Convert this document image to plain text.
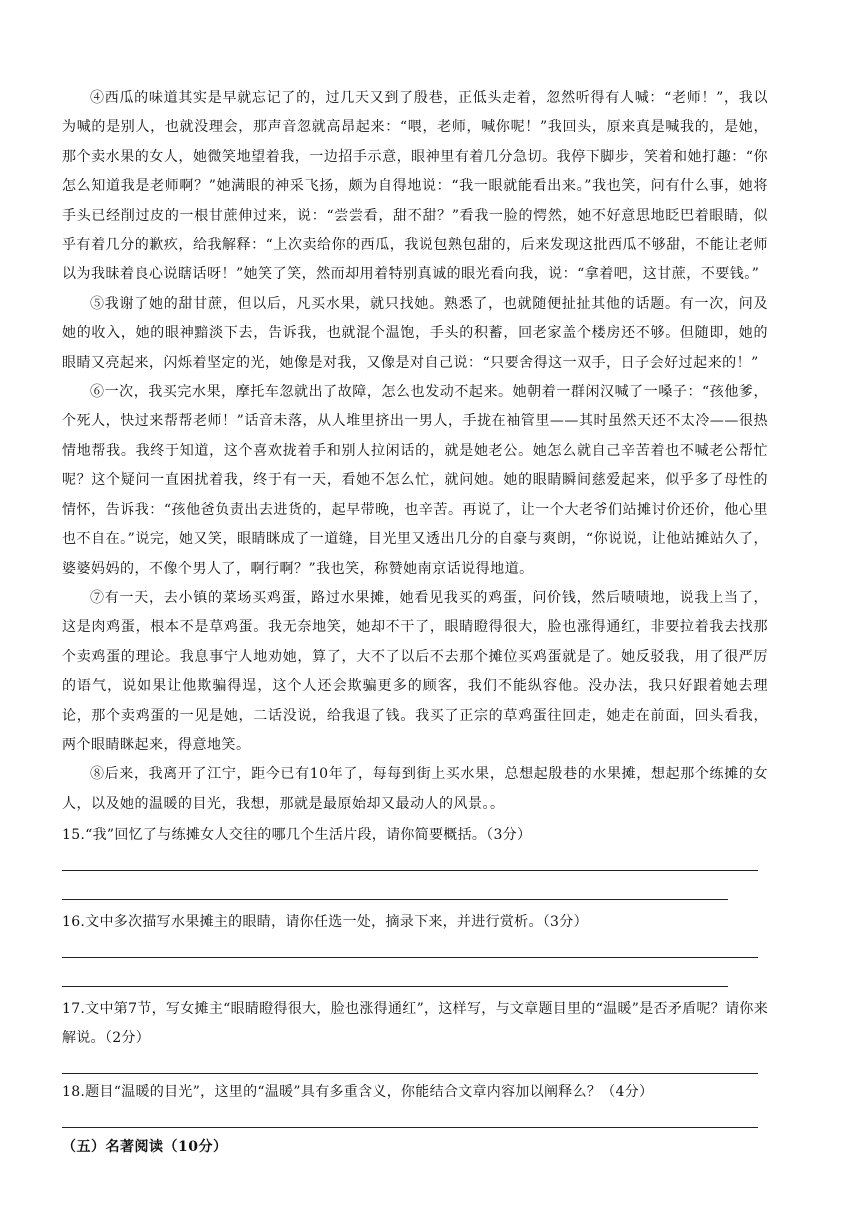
④西瓜的味道其实是早就忘记了的，过几天又到了殷巷，正低头走着，忽然听得有人喊：“老师！”，我以为喊的是别人，也就没理会，那声音忽就高昂起来：“喂，老师，喊你呢！”我回头，原来真是喊我的，是她，那个卖水果的女人，她微笑地望着我，一边招手示意，眼神里有着几分急切。我停下脚步，笑着和她打趣：“你怎么知道我是老师啊？”她满眼的神采飞扬，颇为自得地说：“我一眼就能看出来。”我也笑，问有什么事，她将手头已经削过皮的一根甘蔗伸过来，说：“尝尝看，甜不甜？”看我一脸的愕然，她不好意思地眨巴着眼睛，似乎有着几分的歉疚，给我解释：“上次卖给你的西瓜，我说包熟包甜的，后来发现这批西瓜不够甜，不能让老师以为我昧着良心说瞎话呀！”她笑了笑，然而却用着特别真诚的眼光看向我，说：“拿着吧，这甘蔗，不要钱。”

⑤我谢了她的甜甘蔗，但以后，凡买水果，就只找她。熟悉了，也就随便扯扯其他的话题。有一次，问及她的收入，她的眼神黯淡下去，告诉我，也就混个温饱，手头的积蓄，回老家盖个楼房还不够。但随即，她的眼睛又亮起来，闪烁着坚定的光，她像是对我，又像是对自己说：“只要舍得这一双手，日子会好过起来的！”

⑥一次，我买完水果，摩托车忽就出了故障，怎么也发动不起来。她朝着一群闲汉喊了一嗓子：“孩他爹，个死人，快过来帮帮老师！”话音未落，从人堆里挤出一男人，手拢在袖管里——其时虽然天还不太冷——很热情地帮我。我终于知道，这个喜欢拢着手和别人拉闲话的，就是她老公。她怎么就自己辛苦着也不喊老公帮忙呢？这个疑问一直困扰着我，终于有一天，看她不怎么忙，就问她。她的眼睛瞬间慈爱起来，似乎多了母性的情怀，告诉我：“孩他爸负责出去进货的，起早带晚，也辛苦。再说了，让一个大老爷们站摊讨价还价，他心里也不自在。”说完，她又笑，眼睛眯成了一道缝，目光里又透出几分的自豪与爽朗，“你说说，让他站摊站久了，婆婆妈妈的，不像个男人了，啊行啊？”我也笑，称赞她南京话说得地道。

⑦有一天，去小镇的菜场买鸡蛋，路过水果摊，她看见我买的鸡蛋，问价钱，然后啧啧地，说我上当了，这是肉鸡蛋，根本不是草鸡蛋。我无奈地笑，她却不干了，眼睛瞪得很大，脸也涨得通红，非要拉着我去找那个卖鸡蛋的理论。我息事宁人地劝她，算了，大不了以后不去那个摊位买鸡蛋就是了。她反驳我，用了很严厉的语气，说如果让他欺骗得逞，这个人还会欺骗更多的顾客，我们不能纵容他。没办法，我只好跟着她去理论，那个卖鸡蛋的一见是她，二话没说，给我退了钱。我买了正宗的草鸡蛋往回走，她走在前面，回头看我，两个眼睛眯起来，得意地笑。

⑧后来，我离开了江宁，距今已有10年了，每每到街上买水果，总想起殷巷的水果摊，想起那个练摊的女人，以及她的温暖的目光，我想，那就是最原始却又最动人的风景。。

15.“我”回忆了与练摊女人交往的哪几个生活片段，请你简要概括。（3分）

16.文中多次描写水果摊主的眼睛，请你任选一处，摘录下来，并进行赏析。（3分）

17.文中第7节，写女摊主“眼睛瞪得很大，脸也涨得通红”，这样写，与文章题目里的“温暖”是否矛盾呢？请你来解说。（2分）

18.题目“温暖的目光”，这里的“温暖”具有多重含义，你能结合文章内容加以阐释么？（4分）

（五）名著阅读（10分）
